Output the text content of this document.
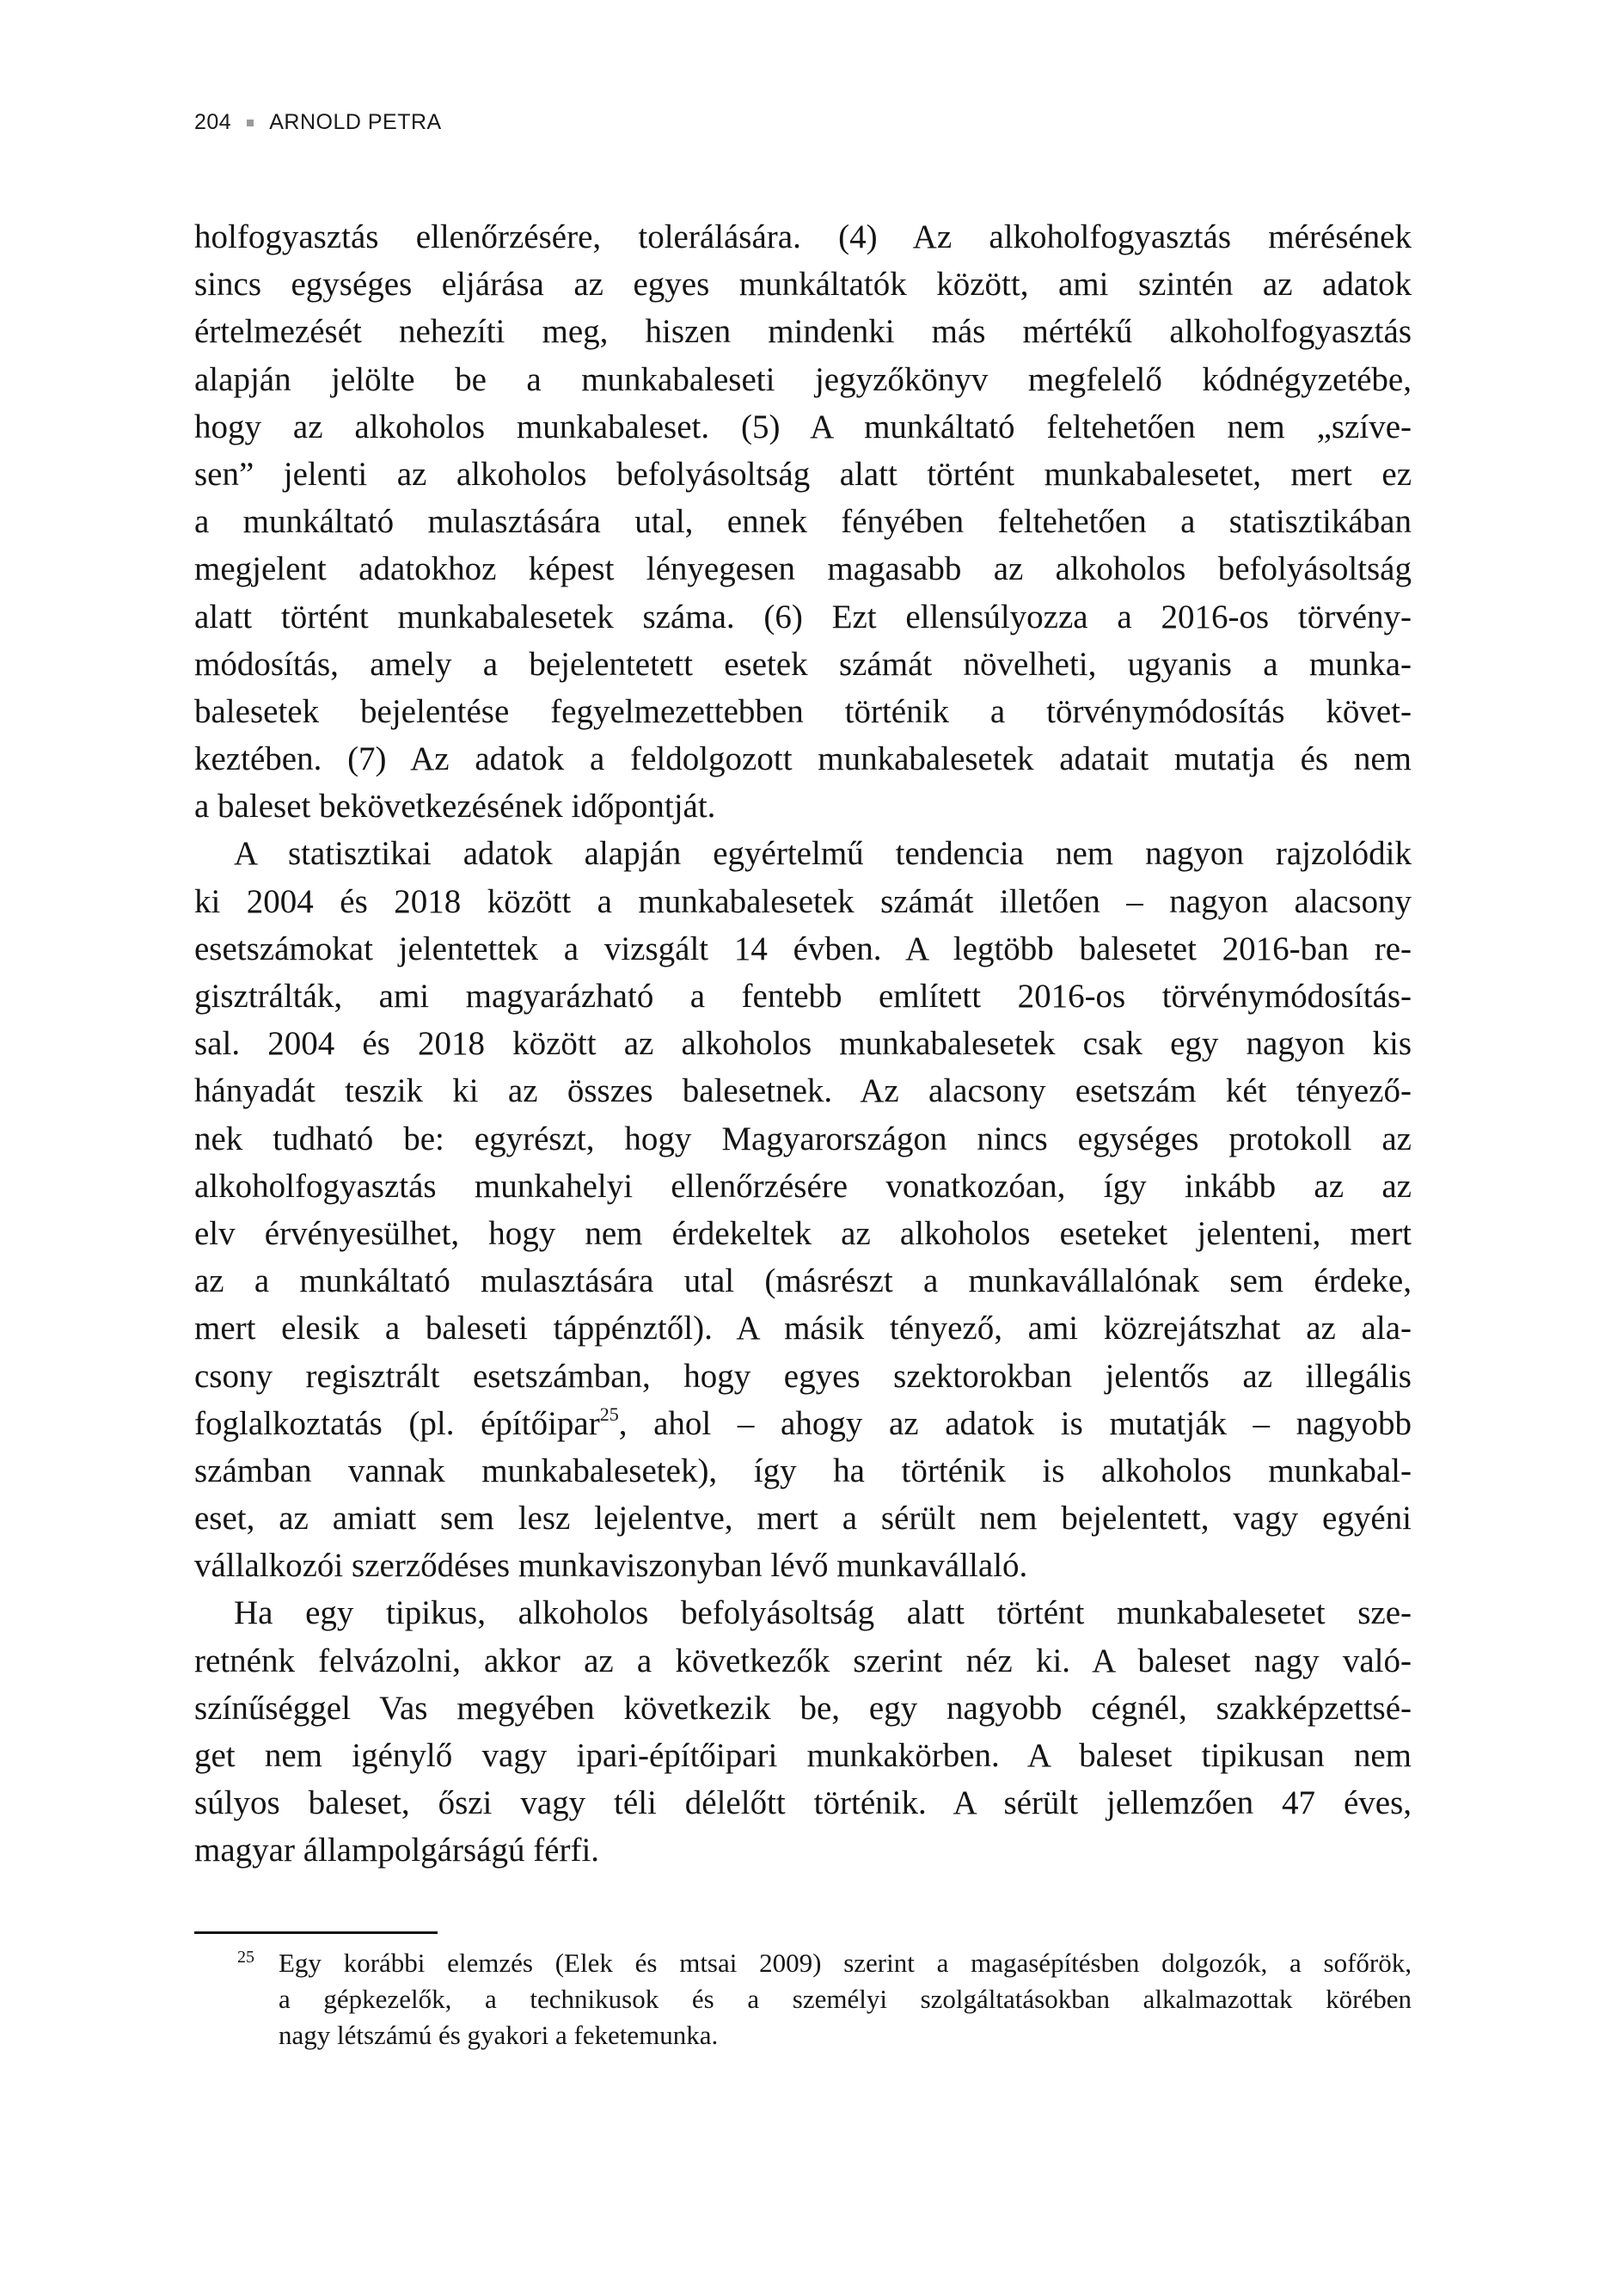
204 ARNOLD PETRA
holfogyasztás ellenőrzésére, tolerálására. (4) Az alkoholfogyasztás mérésének
sincs egységes eljárása az egyes munkáltatók között, ami szintén az adatok
értelmezését nehezíti meg, hiszen mindenki más mértékű alkoholfogyasztás
alapján jelölte be a munkabaleseti jegyzőkönyv megfelelő kódnégyzetébe,
hogy az alkoholos munkabaleset. (5) A munkáltató feltehetően nem „szíve-
sen” jelenti az alkoholos befolyásoltság alatt történt munkabalesetet, mert ez
a munkáltató mulasztására utal, ennek fényében feltehetően a statisztikában
megjelent adatokhoz képest lényegesen magasabb az alkoholos befolyásoltság
alatt történt munkabalesetek száma. (6) Ezt ellensúlyozza a 2016-os törvény-
módosítás, amely a bejelentetett esetek számát növelheti, ugyanis a munka-
balesetek bejelentése fegyelmezettebben történik a törvénymódosítás követ-
keztében. (7) Az adatok a feldolgozott munkabalesetek adatait mutatja és nem
a baleset bekövetkezésének időpontját.
A statisztikai adatok alapján egyértelmű tendencia nem nagyon rajzolódik
ki 2004 és 2018 között a munkabalesetek számát illetően – nagyon alacsony
esetszámokat jelentettek a vizsgált 14 évben. A legtöbb balesetet 2016-ban re-
gisztrálták, ami magyarázható a fentebb említett 2016-os törvénymódosítás-
sal. 2004 és 2018 között az alkoholos munkabalesetek csak egy nagyon kis
hányadát teszik ki az összes balesetnek. Az alacsony esetszám két tényező-
nek tudható be: egyrészt, hogy Magyarországon nincs egységes protokoll az
alkoholfogyasztás munkahelyi ellenőrzésére vonatkozóan, így inkább az az
elv érvényesülhet, hogy nem érdekeltek az alkoholos eseteket jelenteni, mert
az a munkáltató mulasztására utal (másrészt a munkavállalónak sem érdeke,
mert elesik a baleseti táppénztől). A másik tényező, ami közrejátszhat az ala-
csony regisztrált esetszámban, hogy egyes szektorokban jelentős az illegális
foglalkoztatás (pl. építőipar$^{25}$, ahol – ahogy az adatok is mutatják – nagyobb
számban vannak munkabalesetek), így ha történik is alkoholos munkabal-
eset, az amiatt sem lesz lejelentve, mert a sérült nem bejelentett, vagy egyéni
vállalkozói szerződéses munkaviszonyban lévő munkavállaló.
Ha egy tipikus, alkoholos befolyásoltság alatt történt munkabalesetet sze-
retnénk felvázolni, akkor az a következők szerint néz ki. A baleset nagy való-
színűséggel Vas megyében következik be, egy nagyobb cégnél, szakképzettsé-
get nem igénylő vagy ipari-építőipari munkakörben. A baleset tipikusan nem
súlyos baleset, őszi vagy téli délelőtt történik. A sérült jellemzően 47 éves,
magyar állampolgárságú férfi.
25 Egy korábbi elemzés (Elek és mtsai 2009) szerint a magasépítésben dolgozók, a sofőrök,
a gépkezelők, a technikusok és a személyi szolgáltatásokban alkalmazottak körében
nagy létszámú és gyakori a feketemunka.
